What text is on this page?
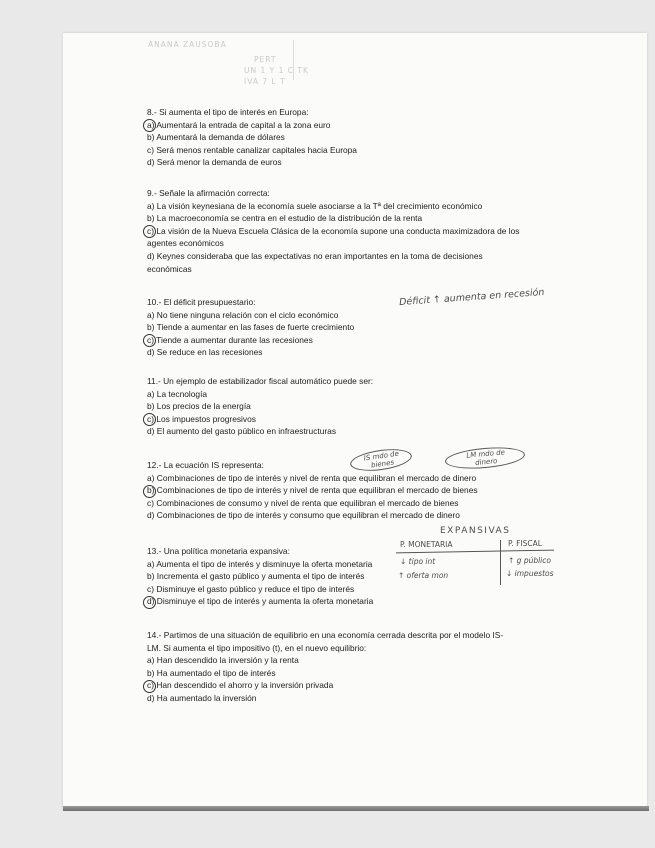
ANANA ZAUSOBA
PERT
UN 1 Y 1 C TK
IVA 7 L T
8.- Si aumenta el tipo de interés en Europa:
a) Aumentará la entrada de capital a la zona euro
b) Aumentará la demanda de dólares
c) Será menos rentable canalizar capitales hacia Europa
d) Será menor la demanda de euros
9.- Señale la afirmación correcta:
a) La visión keynesiana de la economía suele asociarse a la Tª del crecimiento económico
b) La macroeconomía se centra en el estudio de la distribución de la renta
c) La visión de la Nueva Escuela Clásica de la economía supone una conducta maximizadora de los agentes económicos
d) Keynes consideraba que las expectativas no eran importantes en la toma de decisiones económicas
10.- El déficit presupuestario:
a) No tiene ninguna relación con el ciclo económico
b) Tiende a aumentar en las fases de fuerte crecimiento
c) Tiende a aumentar durante las recesiones
d) Se reduce en las recesiones
11.- Un ejemplo de estabilizador fiscal automático puede ser:
a) La tecnología
b) Los precios de la energía
c) Los impuestos progresivos
d) El aumento del gasto público en infraestructuras
12.- La ecuación IS representa:
a) Combinaciones de tipo de interés y nivel de renta que equilibran el mercado de dinero
b) Combinaciones de tipo de interés y nivel de renta que equilibran el mercado de bienes
c) Combinaciones de consumo y nivel de renta que equilibran el mercado de bienes
d) Combinaciones de tipo de interés y consumo que equilibran el mercado de dinero
13.- Una política monetaria expansiva:
a) Aumenta el tipo de interés y disminuye la oferta monetaria
b) Incrementa el gasto público y aumenta el tipo de interés
c) Disminuye el gasto público y reduce el tipo de interés
d) Disminuye el tipo de interés y aumenta la oferta monetaria
14.- Partimos de una situación de equilibrio en una economía cerrada descrita por el modelo IS-LM. Si aumenta el tipo impositivo (t), en el nuevo equilibrio:
a) Han descendido la inversión y la renta
b) Ha aumentado el tipo de interés
c) Han descendido el ahorro y la inversión privada
d) Ha aumentado la inversión
Déficit ↑ aumenta en recesión
IS mdo de bienes
LM mdo de dinero
EXPANSIVAS
P. MONETARIA	P. FISCAL
↓ tipo int
↑ oferta mon
↑ g público
↓ impuestos
